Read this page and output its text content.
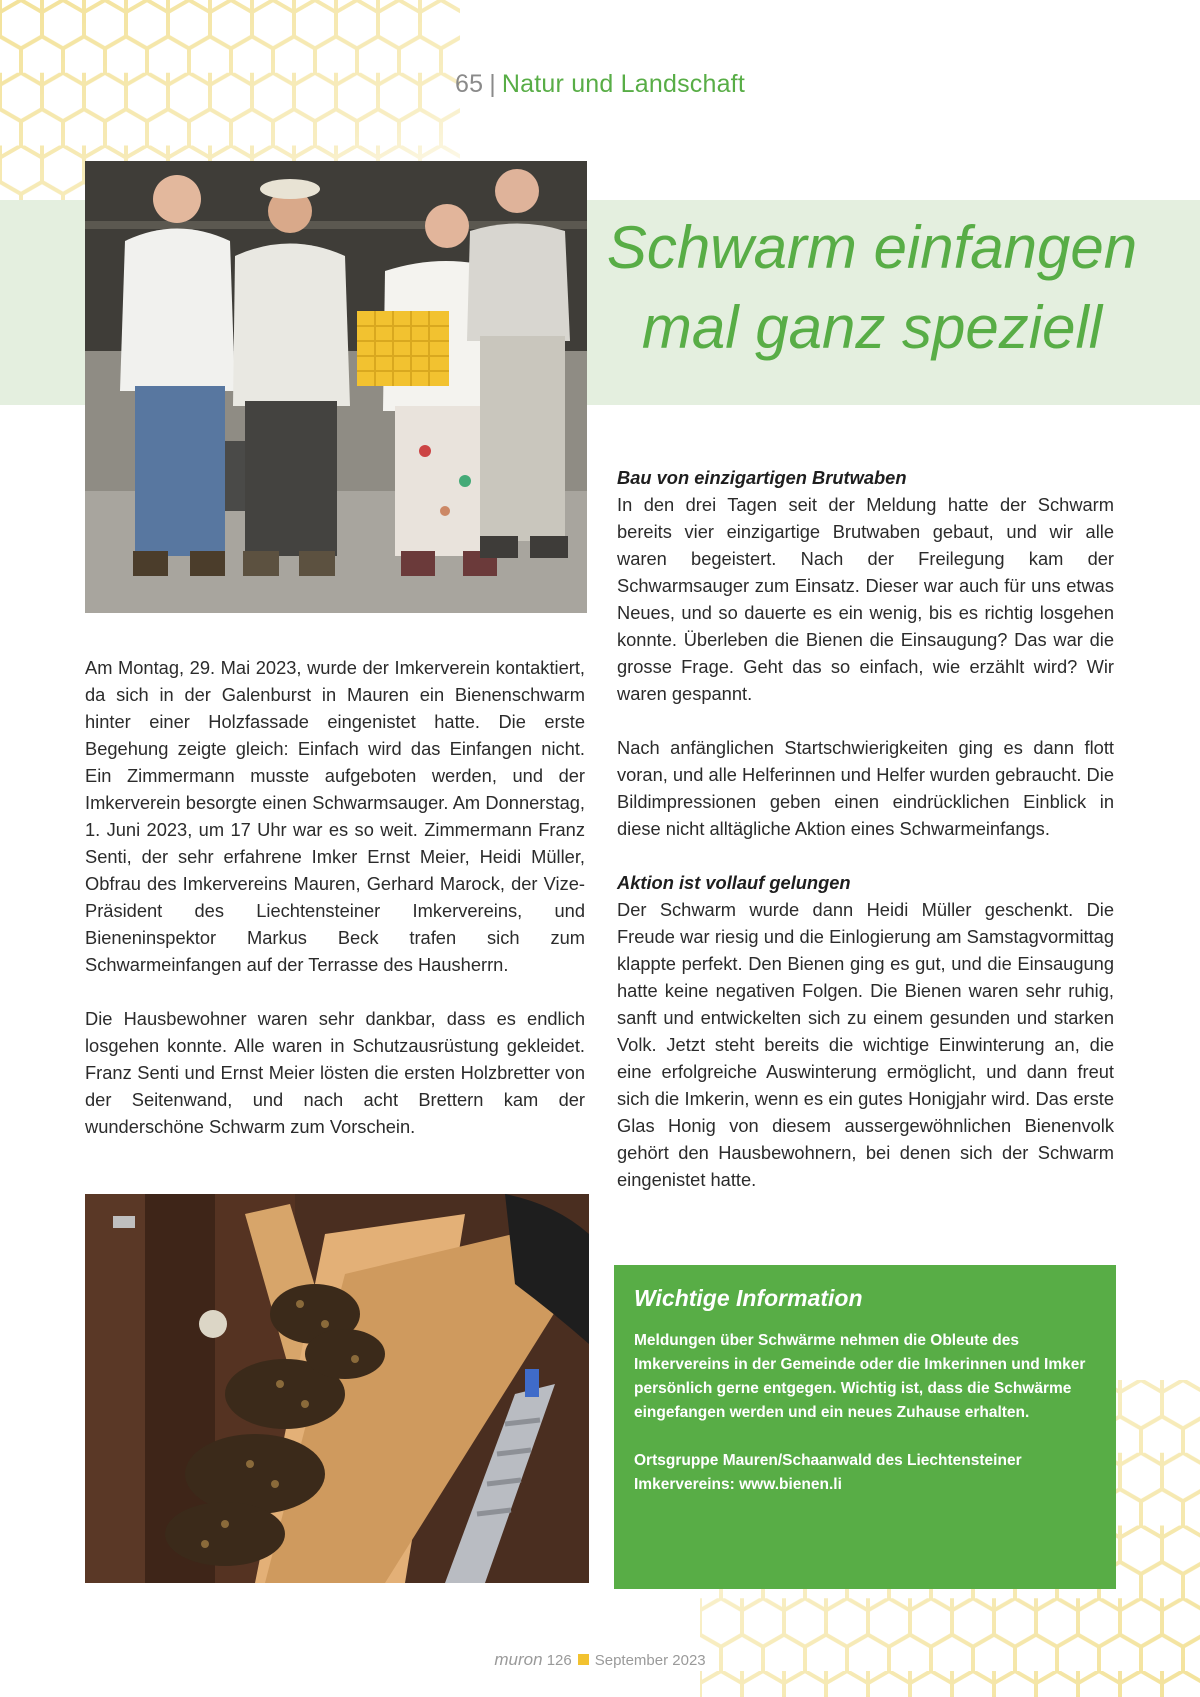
65 | Natur und Landschaft
Schwarm einfangen
mal ganz speziell

Am Montag, 29. Mai 2023, wurde der Imkerverein kontaktiert, da sich in der Galenburst in Mauren ein Bienenschwarm hinter einer Holzfassade eingenistet hatte. Die erste Begehung zeigte gleich: Einfach wird das Einfangen nicht. Ein Zimmermann musste aufgeboten werden, und der Imkerverein besorgte einen Schwarmsauger. Am Donnerstag, 1. Juni 2023, um 17 Uhr war es so weit. Zimmermann Franz Senti, der sehr erfahrene Imker Ernst Meier, Heidi Müller, Obfrau des Imkervereins Mauren, Gerhard Marock, der Vize-Präsident des Liechtensteiner Imkervereins, und Bieneninspektor Markus Beck trafen sich zum Schwarmeinfangen auf der Terrasse des Hausherrn.

Die Hausbewohner waren sehr dankbar, dass es endlich losgehen konnte. Alle waren in Schutzausrüstung gekleidet. Franz Senti und Ernst Meier lösten die ersten Holzbretter von der Seitenwand, und nach acht Brettern kam der wunderschöne Schwarm zum Vorschein.

Bau von einzigartigen Brutwaben

In den drei Tagen seit der Meldung hatte der Schwarm bereits vier einzigartige Brutwaben gebaut, und wir alle waren begeistert. Nach der Freilegung kam der Schwarmsauger zum Einsatz. Dieser war auch für uns etwas Neues, und so dauerte es ein wenig, bis es richtig losgehen konnte. Überleben die Bienen die Einsaugung? Das war die grosse Frage. Geht das so einfach, wie erzählt wird? Wir waren gespannt.

Nach anfänglichen Startschwierigkeiten ging es dann flott voran, und alle Helferinnen und Helfer wurden gebraucht. Die Bildimpressionen geben einen eindrücklichen Einblick in diese nicht alltägliche Aktion eines Schwarmeinfangs.

Aktion ist vollauf gelungen

Der Schwarm wurde dann Heidi Müller geschenkt. Die Freude war riesig und die Einlogierung am Samstagvormittag klappte perfekt. Den Bienen ging es gut, und die Einsaugung hatte keine negativen Folgen. Die Bienen waren sehr ruhig, sanft und entwickelten sich zu einem gesunden und starken Volk. Jetzt steht bereits die wichtige Einwinterung an, die eine erfolgreiche Auswinterung ermöglicht, und dann freut sich die Imkerin, wenn es ein gutes Honigjahr wird. Das erste Glas Honig von diesem aussergewöhnlichen Bienenvolk gehört den Hausbewohnern, bei denen sich der Schwarm eingenistet hatte.

Wichtige Information

Meldungen über Schwärme nehmen die Obleute des Imkervereins in der Gemeinde oder die Imkerinnen und Imker persönlich gerne entgegen. Wichtig ist, dass die Schwärme eingefangen werden und ein neues Zuhause erhalten.

Ortsgruppe Mauren/Schaanwald des Liechtensteiner Imkervereins: www.bienen.li

muron 126 September 2023
